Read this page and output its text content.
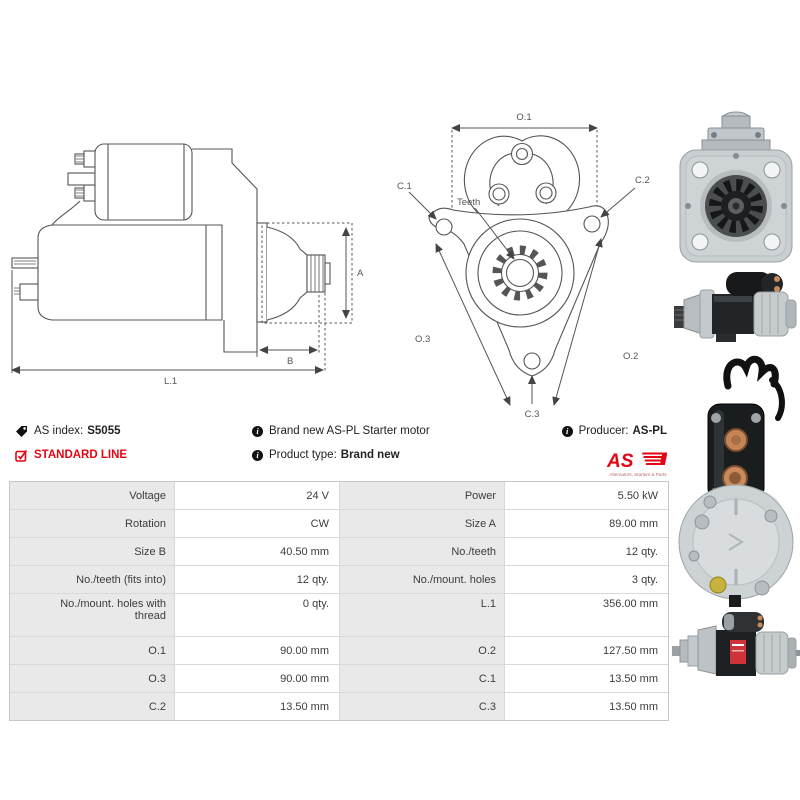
A
B
L.1
O.1
C.1
C.2
Teeth
O.3
O.2
C.3
AS index: S5055
STANDARD LINE
i Brand new AS-PL Starter motor
i Product type: Brand new
i Producer: AS-PL
AS
Alternators, Starters & Parts
Voltage	24 V	Power	5.50 kW
Rotation	CW	Size A	89.00 mm
Size B	40.50 mm	No./teeth	12 qty.
No./teeth (fits into)	12 qty.	No./mount. holes	3 qty.
No./mount. holes with thread	0 qty.	L.1	356.00 mm
O.1	90.00 mm	O.2	127.50 mm
O.3	90.00 mm	C.1	13.50 mm
C.2	13.50 mm	C.3	13.50 mm
